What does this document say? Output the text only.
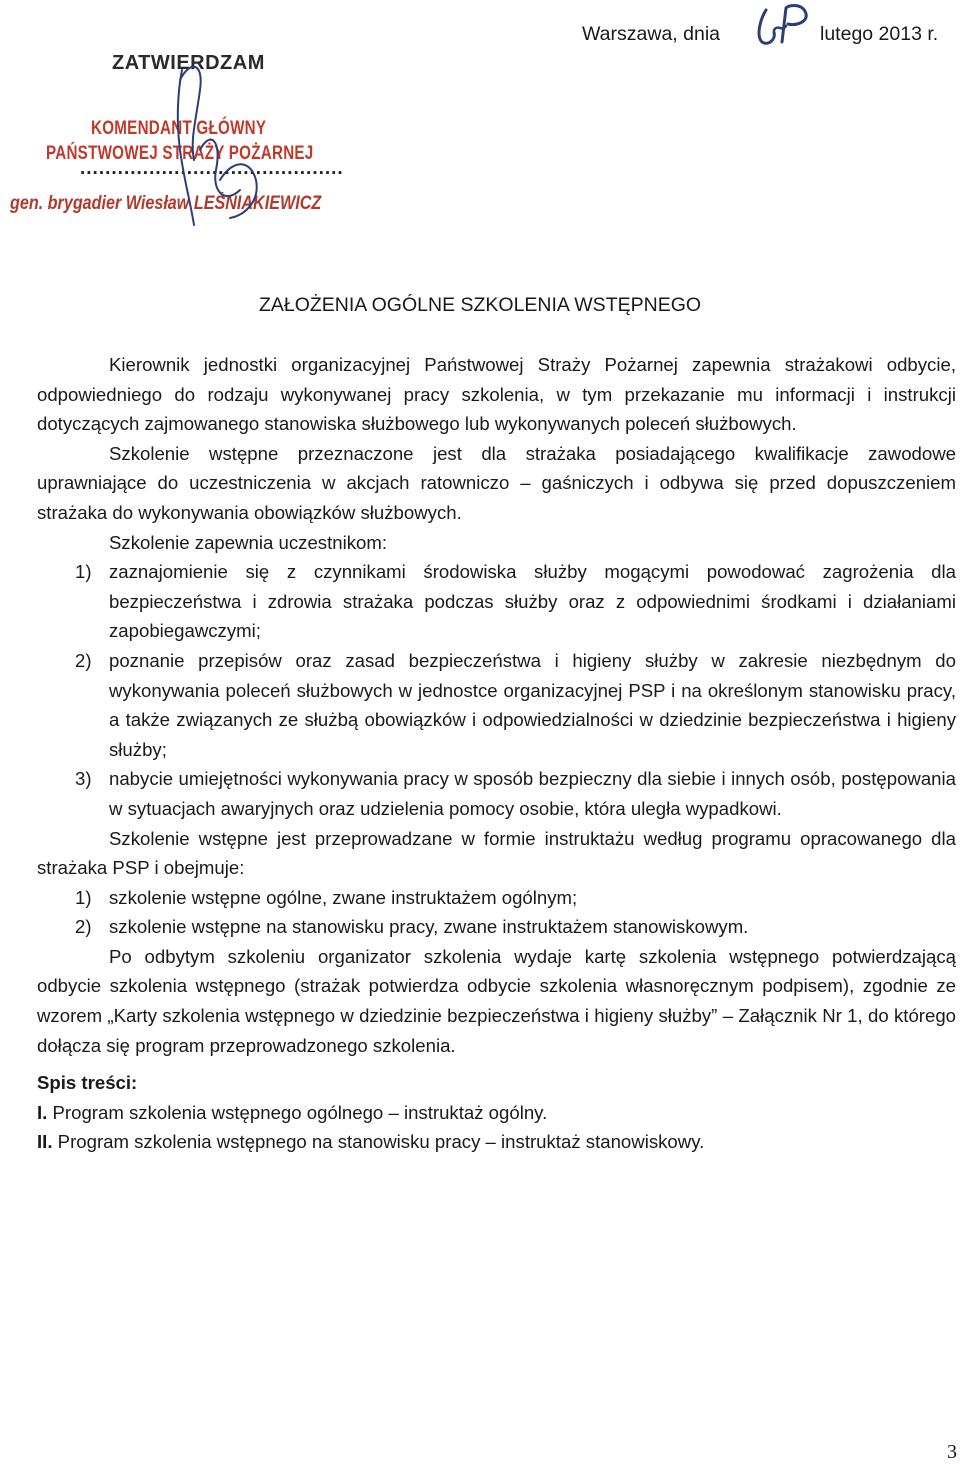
Warszawa, dnia	lutego 2013 r.
ZATWIERDZAM
KOMENDANT GŁÓWNY
PAŃSTWOWEJ STRAŻY POŻARNEJ
..........................................
gen. brygadier Wiesław LEŚNIAKIEWICZ
ZAŁOŻENIA OGÓLNE SZKOLENIA WSTĘPNEGO

Kierownik jednostki organizacyjnej Państwowej Straży Pożarnej zapewnia strażakowi odbycie, odpowiedniego do rodzaju wykonywanej pracy szkolenia, w tym przekazanie mu informacji i instrukcji dotyczących zajmowanego stanowiska służbowego lub wykonywanych poleceń służbowych.

Szkolenie wstępne przeznaczone jest dla strażaka posiadającego kwalifikacje zawodowe uprawniające do uczestniczenia w akcjach ratowniczo – gaśniczych i odbywa się przed dopuszczeniem strażaka do wykonywania obowiązków służbowych.

Szkolenie zapewnia uczestnikom:

1) zaznajomienie się z czynnikami środowiska służby mogącymi powodować zagrożenia dla bezpieczeństwa i zdrowia strażaka podczas służby oraz z odpowiednimi środkami i działaniami zapobiegawczymi;
2) poznanie przepisów oraz zasad bezpieczeństwa i higieny służby w zakresie niezbędnym do wykonywania poleceń służbowych w jednostce organizacyjnej PSP i na określonym stanowisku pracy, a także związanych ze służbą obowiązków i odpowiedzialności w dziedzinie bezpieczeństwa i higieny służby;
3) nabycie umiejętności wykonywania pracy w sposób bezpieczny dla siebie i innych osób, postępowania w sytuacjach awaryjnych oraz udzielenia pomocy osobie, która uległa wypadkowi.

Szkolenie wstępne jest przeprowadzane w formie instruktażu według programu opracowanego dla strażaka PSP i obejmuje:

1) szkolenie wstępne ogólne, zwane instruktażem ogólnym;
2) szkolenie wstępne na stanowisku pracy, zwane instruktażem stanowiskowym.

Po odbytym szkoleniu organizator szkolenia wydaje kartę szkolenia wstępnego potwierdzającą odbycie szkolenia wstępnego (strażak potwierdza odbycie szkolenia własnoręcznym podpisem), zgodnie ze wzorem „Karty szkolenia wstępnego w dziedzinie bezpieczeństwa i higieny służby” – Załącznik Nr 1, do którego dołącza się program przeprowadzonego szkolenia.

Spis treści:
I. Program szkolenia wstępnego ogólnego – instruktaż ogólny.
II. Program szkolenia wstępnego na stanowisku pracy – instruktaż stanowiskowy.
3
